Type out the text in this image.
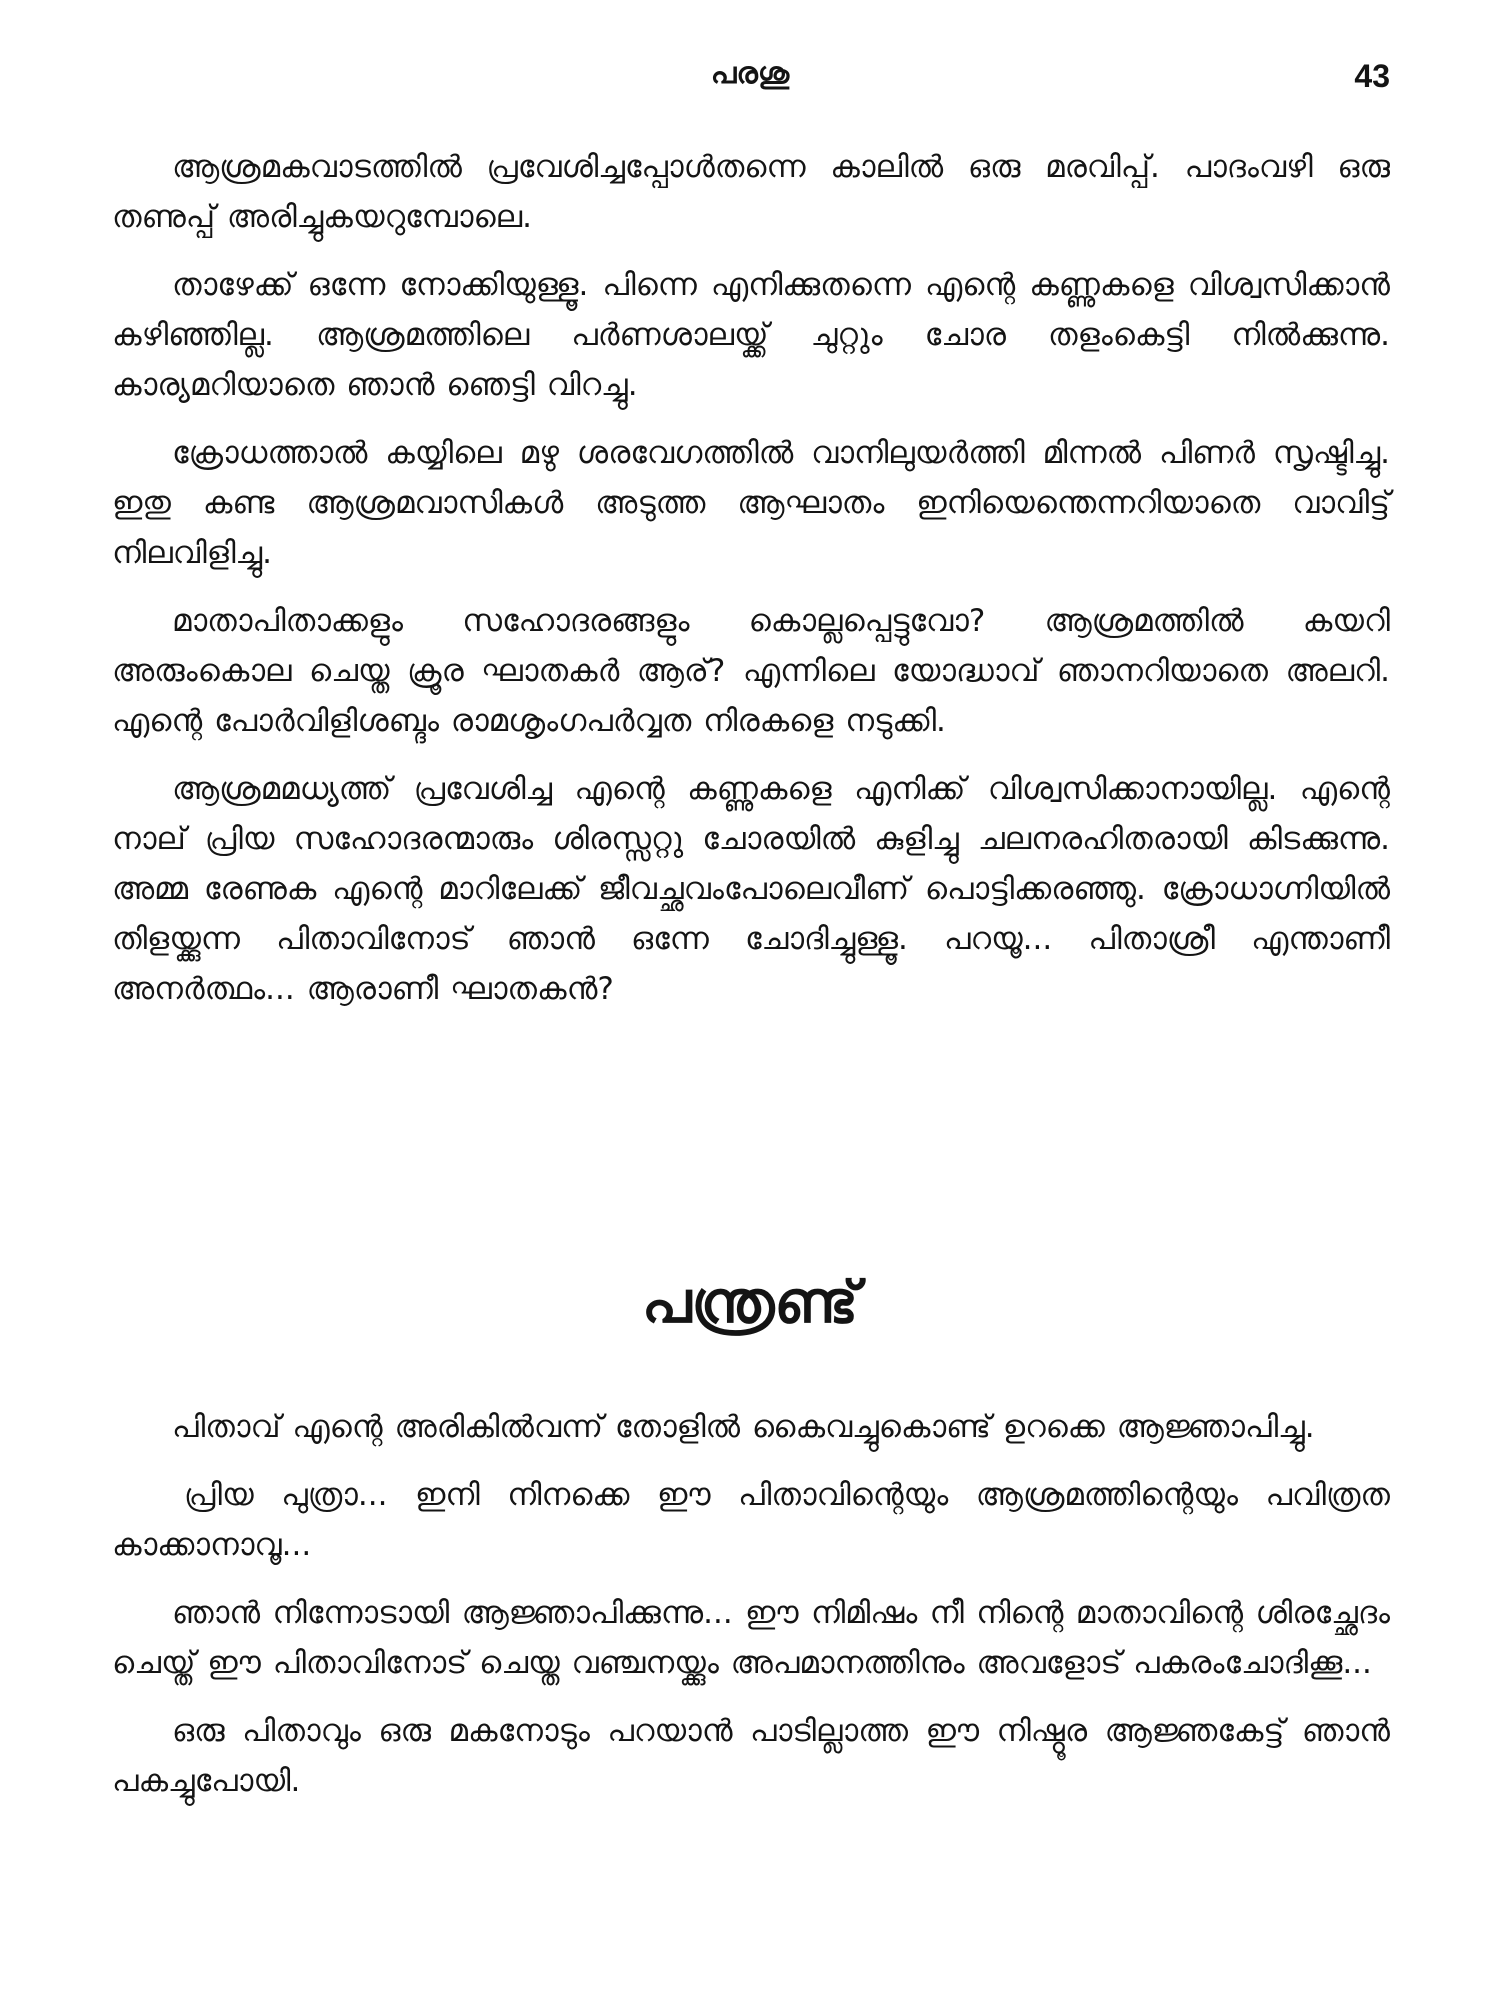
പരശു	43

ആശ്രമകവാടത്തിൽ പ്രവേശിച്ചപ്പോൾതന്നെ കാലിൽ ഒരു മരവിപ്പ്. പാദംവഴി ഒരു തണുപ്പ് അരിച്ചുകയറുമ്പോലെ.

താഴേക്ക് ഒന്നേ നോക്കിയുള്ളൂ. പിന്നെ എനിക്കുതന്നെ എന്റെ കണ്ണുകളെ വിശ്വസിക്കാൻ കഴിഞ്ഞില്ല. ആശ്രമത്തിലെ പർണശാലയ്ക്ക് ചുറ്റും ചോര തളംകെട്ടി നിൽക്കുന്നു. കാര്യമറിയാതെ ഞാൻ ഞെട്ടി വിറച്ചു.

ക്രോധത്താൽ കയ്യിലെ മഴു ശരവേഗത്തിൽ വാനിലുയർത്തി മിന്നൽ പിണർ സൃഷ്ടിച്ചു. ഇതു കണ്ട ആശ്രമവാസികൾ അടുത്ത ആഘാതം ഇനിയെന്തെന്നറിയാതെ വാവിട്ട് നിലവിളിച്ചു.

മാതാപിതാക്കളും സഹോദരങ്ങളും കൊല്ലപ്പെട്ടുവോ? ആശ്രമത്തിൽ കയറി അരുംകൊല ചെയ്ത ക്രൂര ഘാതകർ ആര്? എന്നിലെ യോദ്ധാവ് ഞാനറിയാതെ അലറി. എന്റെ പോർവിളിശബ്ദം രാമശൃംഗപർവ്വത നിരകളെ നടുക്കി.

ആശ്രമമധ്യത്ത് പ്രവേശിച്ച എന്റെ കണ്ണുകളെ എനിക്ക് വിശ്വസിക്കാനായില്ല. എന്റെ നാല് പ്രിയ സഹോദരന്മാരും ശിരസ്സറ്റു ചോരയിൽ കുളിച്ചു ചലനരഹിതരായി കിടക്കുന്നു. അമ്മ രേണുക എന്റെ മാറിലേക്ക് ജീവച്ഛവംപോലെവീണ് പൊട്ടിക്കരഞ്ഞു. ക്രോധാഗ്നിയിൽ തിളയ്ക്കുന്ന പിതാവിനോട് ഞാൻ ഒന്നേ ചോദിച്ചുള്ളൂ. പറയൂ... പിതാശ്രീ എന്താണീ അനർത്ഥം... ആരാണീ ഘാതകൻ?

പന്ത്രണ്ട്

പിതാവ് എന്റെ അരികിൽവന്ന് തോളിൽ കൈവച്ചുകൊണ്ട് ഉറക്കെ ആജ്ഞാപിച്ചു.

പ്രിയ പുത്രാ... ഇനി നിനക്കെ ഈ പിതാവിന്റെയും ആശ്രമത്തിന്റെയും പവിത്രത കാക്കാനാവൂ...

ഞാൻ നിന്നോടായി ആജ്ഞാപിക്കുന്നു... ഈ നിമിഷം നീ നിന്റെ മാതാവിന്റെ ശിരച്ഛേദം ചെയ്ത് ഈ പിതാവിനോട് ചെയ്ത വഞ്ചനയ്ക്കും അപമാനത്തിനും അവളോട് പകരംചോദിക്കൂ...

ഒരു പിതാവും ഒരു മകനോടും പറയാൻ പാടില്ലാത്ത ഈ നിഷ്ഠൂര ആജ്ഞകേട്ട് ഞാൻ പകച്ചുപോയി.
